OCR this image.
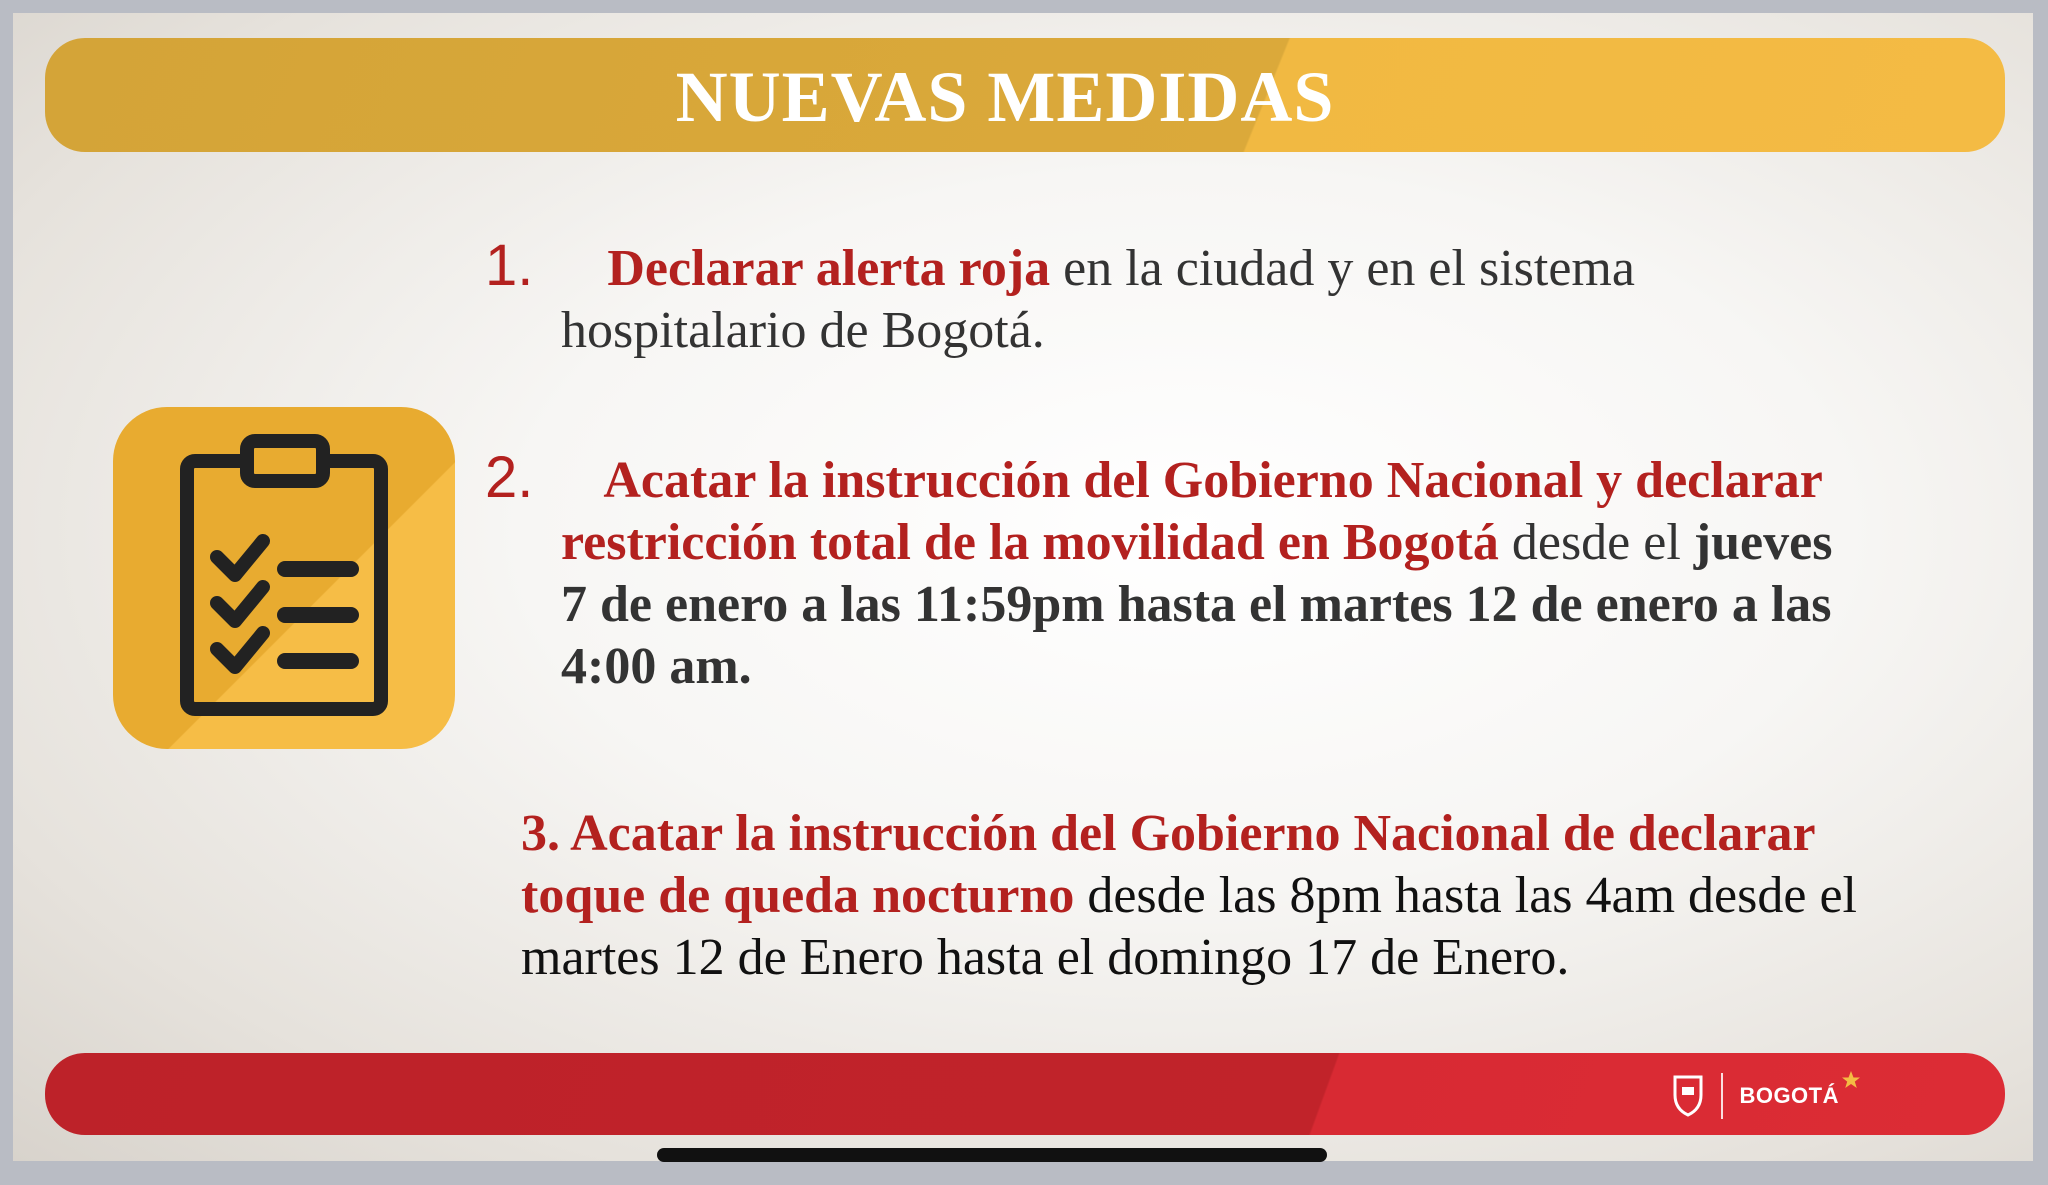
NUEVAS MEDIDAS
1. Declarar alerta roja en la ciudad y en el sistema
hospitalario de Bogotá.
2. Acatar la instrucción del Gobierno Nacional y declarar
restricción total de la movilidad en Bogotá desde el jueves
7 de enero a las 11:59pm hasta el martes 12 de enero a las
4:00 am.
3. Acatar la instrucción del Gobierno Nacional de declarar
toque de queda nocturno desde las 8pm hasta las 4am desde el
martes 12 de Enero hasta el domingo 17 de Enero.
BOGOTÁ
